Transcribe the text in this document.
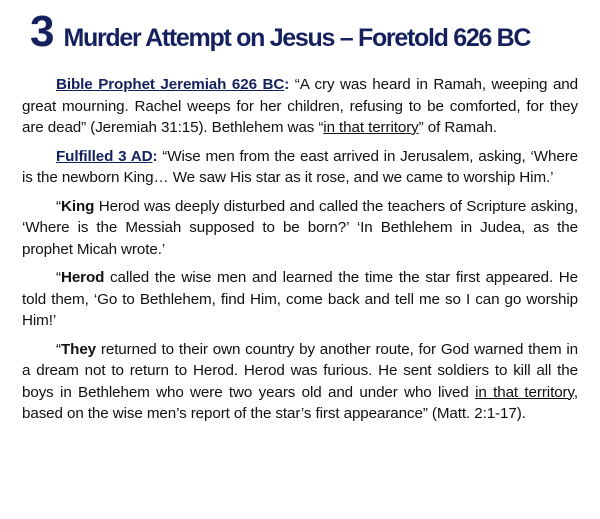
3 Murder Attempt on Jesus – Foretold 626 BC

Bible Prophet Jeremiah 626 BC: “A cry was heard in Ramah, weeping and great mourning. Rachel weeps for her children, refusing to be comforted, for they are dead” (Jeremiah 31:15). Bethlehem was “in that territory” of Ramah.

Fulfilled 3 AD: “Wise men from the east arrived in Jerusalem, asking, ‘Where is the newborn King… We saw His star as it rose, and we came to worship Him.’

“King Herod was deeply disturbed and called the teachers of Scripture asking, ‘Where is the Messiah supposed to be born?’ ‘In Bethlehem in Judea, as the prophet Micah wrote.’

“Herod called the wise men and learned the time the star first appeared. He told them, ‘Go to Bethlehem, find Him, come back and tell me so I can go worship Him!’

“They returned to their own country by another route, for God warned them in a dream not to return to Herod. Herod was furious. He sent soldiers to kill all the boys in Bethlehem who were two years old and under who lived in that territory, based on the wise men’s report of the star’s first appearance” (Matt. 2:1-17).
